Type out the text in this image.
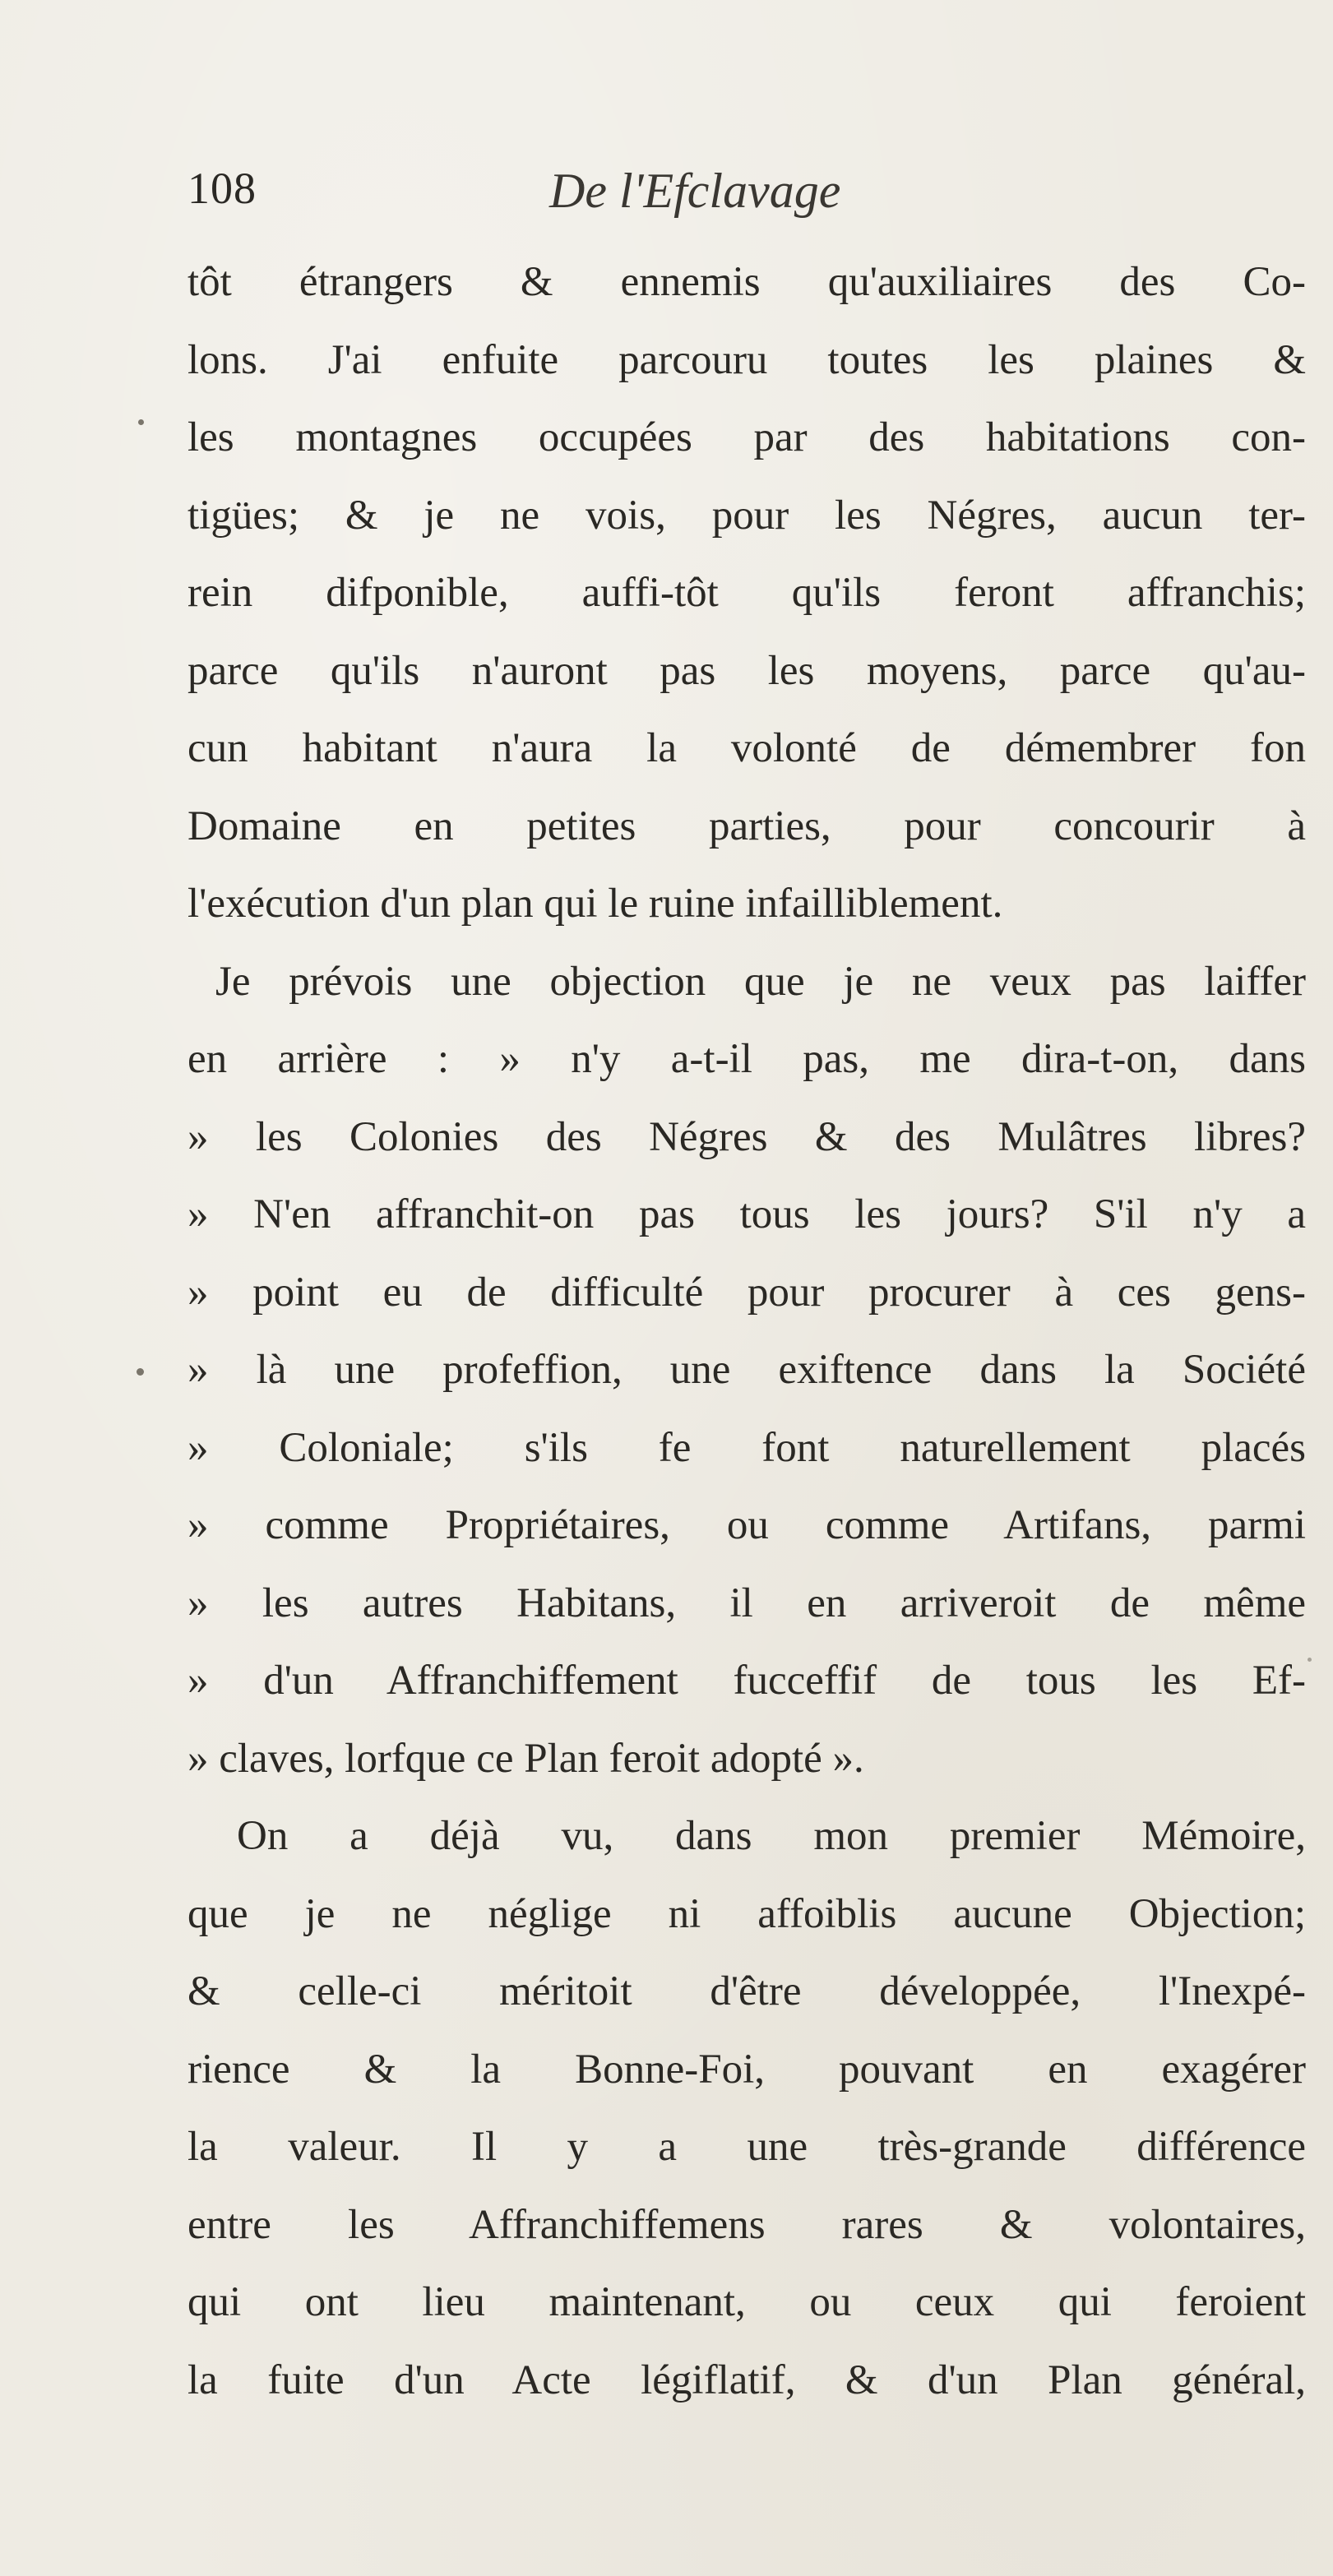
108	De l'Efclavage
tôt étrangers & ennemis qu'auxiliaires des Co-
lons. J'ai enfuite parcouru toutes les plaines &
les montagnes occupées par des habitations con-
tigües; & je ne vois, pour les Négres, aucun ter-
rein difponible, auffi-tôt qu'ils feront affranchis;
parce qu'ils n'auront pas les moyens, parce qu'au-
cun habitant n'aura la volonté de démembrer fon
Domaine en petites parties, pour concourir à
l'exécution d'un plan qui le ruine infailliblement.
Je prévois une objection que je ne veux pas laiffer
en arrière : » n'y a-t-il pas, me dira-t-on, dans
» les Colonies des Négres & des Mulâtres libres?
» N'en affranchit-on pas tous les jours? S'il n'y a
» point eu de difficulté pour procurer à ces gens-
» là une profeffion, une exiftence dans la Société
» Coloniale; s'ils fe font naturellement placés
» comme Propriétaires, ou comme Artifans, parmi
» les autres Habitans, il en arriveroit de même
» d'un Affranchiffement fucceffif de tous les Ef-
» claves, lorfque ce Plan feroit adopté ».
On a déjà vu, dans mon premier Mémoire,
que je ne néglige ni affoiblis aucune Objection;
& celle-ci méritoit d'être développée, l'Inexpé-
rience & la Bonne-Foi, pouvant en exagérer
la valeur. Il y a une très-grande différence
entre les Affranchiffemens rares & volontaires,
qui ont lieu maintenant, ou ceux qui feroient
la fuite d'un Acte légiflatif, & d'un Plan général,
